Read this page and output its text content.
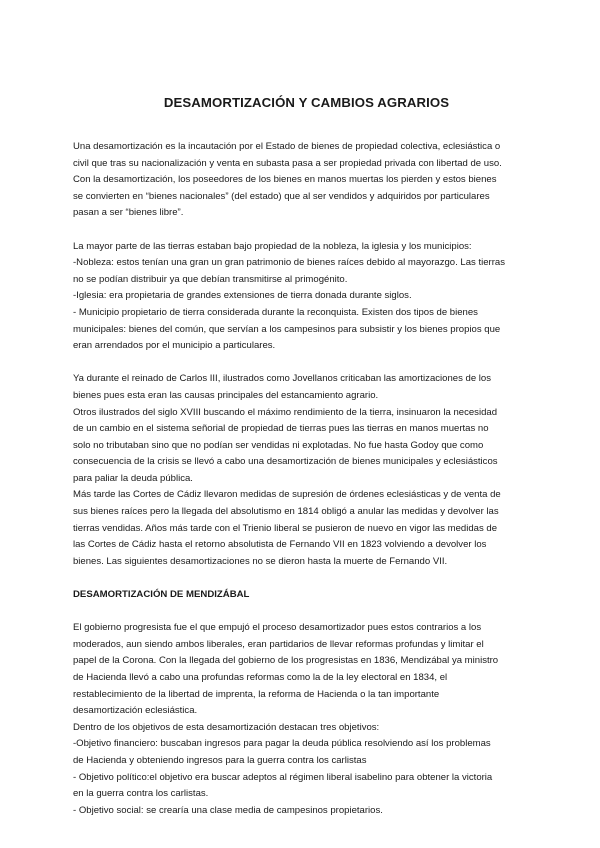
DESAMORTIZACIÓN Y CAMBIOS AGRARIOS
Una desamortización es la incautación por el Estado de bienes de propiedad colectiva, eclesiástica o
civil que tras su nacionalización y venta en subasta pasa a ser propiedad privada con libertad de uso.
Con la desamortización, los poseedores de los bienes en manos muertas los pierden y estos bienes
se convierten en “bienes nacionales” (del estado) que al ser vendidos y adquiridos por particulares
pasan a ser “bienes libre”.
La mayor parte de las tierras estaban bajo propiedad de la nobleza, la iglesia y los municipios:
-Nobleza: estos tenían una gran un gran patrimonio de bienes raíces debido al mayorazgo. Las tierras
no se podían distribuir ya que debían transmitirse al primogénito.
-Iglesia: era propietaria de grandes extensiones de tierra donada durante siglos.
- Municipio propietario de tierra considerada durante la reconquista. Existen dos tipos de bienes
municipales: bienes del común, que servían a los campesinos para subsistir y los bienes propios que
eran arrendados por el municipio a particulares.
Ya durante el reinado de Carlos III, ilustrados como Jovellanos criticaban las amortizaciones de los
bienes pues esta eran las causas principales del estancamiento agrario.
Otros ilustrados del siglo XVIII buscando el máximo rendimiento de la tierra, insinuaron la necesidad
de un cambio en el sistema señorial de propiedad de tierras pues las tierras en manos muertas no
solo no tributaban sino que no podían ser vendidas ni explotadas. No fue hasta Godoy que como
consecuencia de la crisis se llevó a cabo una desamortización de bienes municipales y eclesiásticos
para paliar la deuda pública.
Más tarde las Cortes de Cádiz llevaron medidas de supresión de órdenes eclesiásticas y de venta de
sus bienes raíces pero la llegada del absolutismo en 1814 obligó a anular las medidas y devolver las
tierras vendidas. Años más tarde con el Trienio liberal se pusieron de nuevo en vigor las medidas de
las Cortes de Cádiz hasta el retorno absolutista de Fernando VII en 1823 volviendo a devolver los
bienes. Las siguientes desamortizaciones no se dieron hasta la muerte de Fernando VII.
DESAMORTIZACIÓN DE MENDIZÁBAL
El gobierno progresista fue el que empujó el proceso desamortizador pues estos contrarios a los
moderados, aun siendo ambos liberales, eran partidarios de llevar reformas profundas y limitar el
papel de la Corona. Con la llegada del gobierno de los progresistas en 1836, Mendizábal ya ministro
de Hacienda llevó a cabo una profundas reformas como la de la ley electoral en 1834, el
restablecimiento de la libertad de imprenta, la reforma de Hacienda o la tan importante
desamortización eclesiástica.
Dentro de los objetivos de esta desamortización destacan tres objetivos:
-Objetivo financiero: buscaban ingresos para pagar la deuda pública resolviendo así los problemas
de Hacienda y obteniendo ingresos para la guerra contra los carlistas
- Objetivo político:el objetivo era buscar adeptos al régimen liberal isabelino para obtener la victoria
en la guerra contra los carlistas.
- Objetivo social: se crearía una clase media de campesinos propietarios.
